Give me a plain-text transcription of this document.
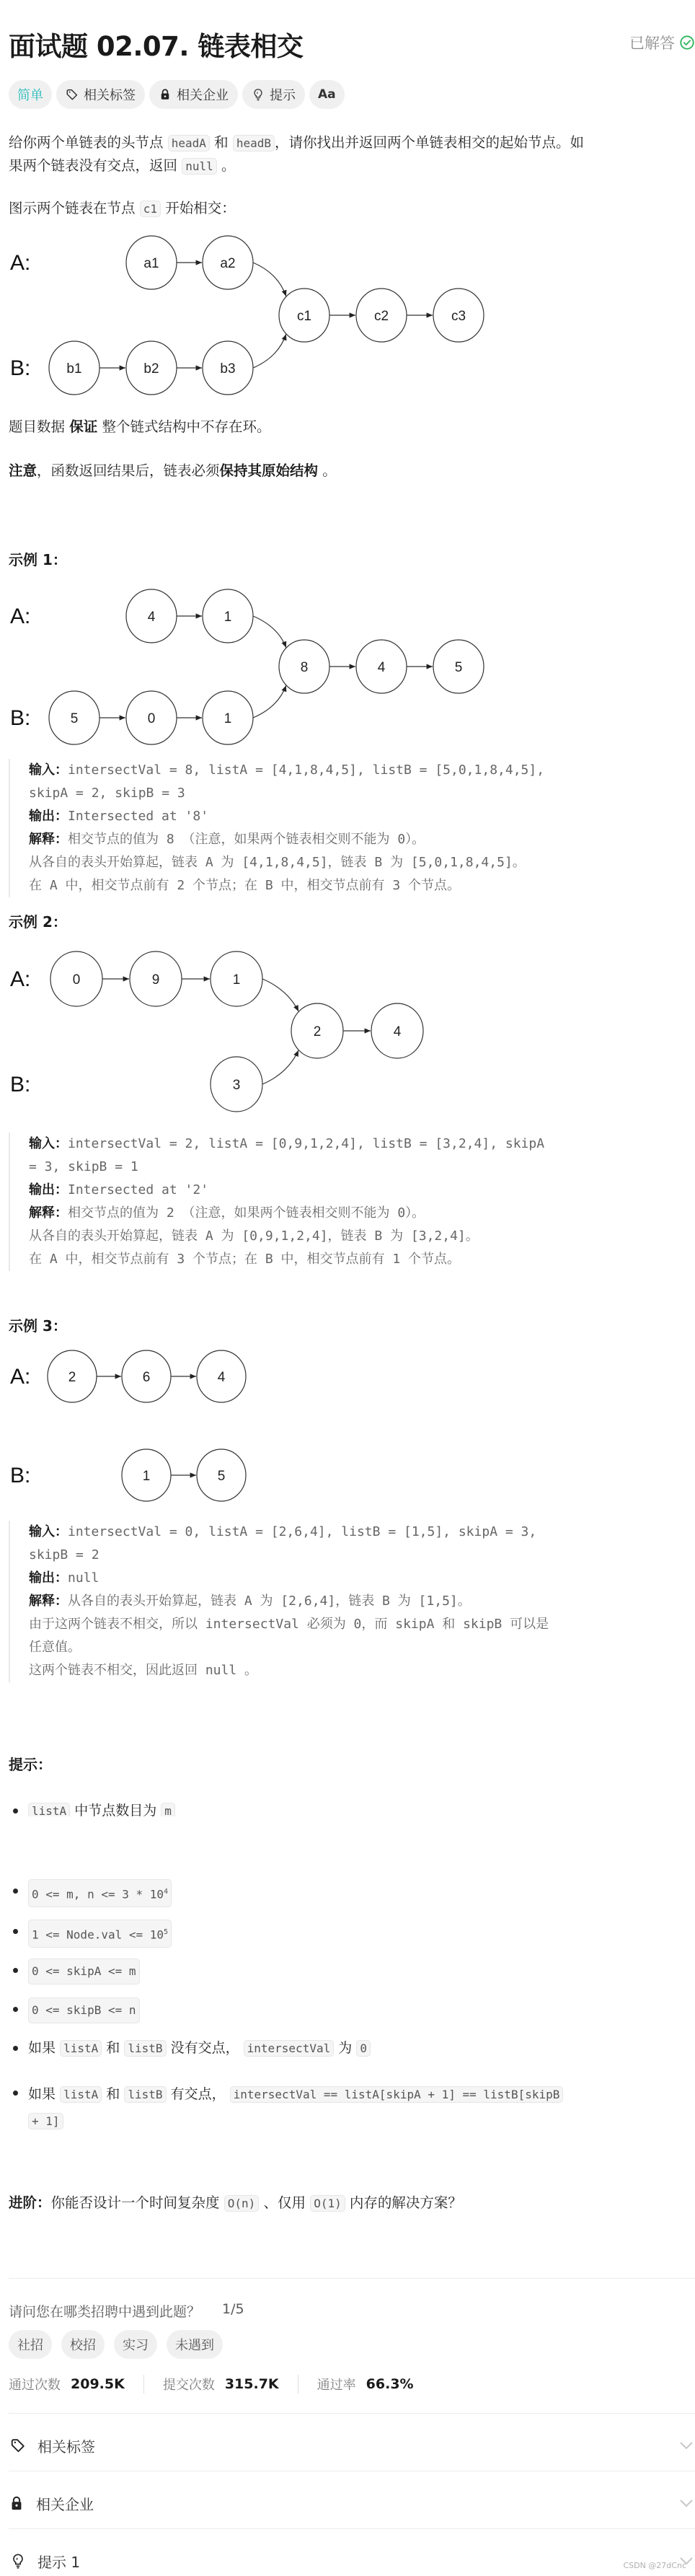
面试题 02.07. 链表相交	已解答
简单	相关标签	相关企业	提示 Aa
给你两个单链表的头节点 headA 和 headB ，请你找出并返回两个单链表相交的起始节点。如
果两个链表没有交点，返回 null 。
图示两个链表在节点 c1 开始相交：
A:
B:
a1	a2
b1	b2	b3
c1	c2	c3
题目数据 保证 整个链式结构中不存在环。
注意，函数返回结果后，链表必须保持其原始结构 。
示例 1：
A:
B:
4	1
5	0	1
8	4	5
输入：intersectVal = 8, listA = [4,1,8,4,5], listB = [5,0,1,8,4,5],
skipA = 2, skipB = 3
输出：Intersected at '8'
解释：相交节点的值为 8 （注意，如果两个链表相交则不能为 0）。
从各自的表头开始算起，链表 A 为 [4,1,8,4,5]，链表 B 为 [5,0,1,8,4,5]。
在 A 中，相交节点前有 2 个节点；在 B 中，相交节点前有 3 个节点。
示例 2：
A:
B:
0	9	1
3
2	4
输入：intersectVal = 2, listA = [0,9,1,2,4], listB = [3,2,4], skipA
= 3, skipB = 1
输出：Intersected at '2'
解释：相交节点的值为 2 （注意，如果两个链表相交则不能为 0）。
从各自的表头开始算起，链表 A 为 [0,9,1,2,4]，链表 B 为 [3,2,4]。
在 A 中，相交节点前有 3 个节点；在 B 中，相交节点前有 1 个节点。
示例 3：
A:
B:
2	6	4
1	5
输入：intersectVal = 0, listA = [2,6,4], listB = [1,5], skipA = 3,
skipB = 2
输出：null
解释：从各自的表头开始算起，链表 A 为 [2,6,4]，链表 B 为 [1,5]。
由于这两个链表不相交，所以 intersectVal 必须为 0，而 skipA 和 skipB 可以是
任意值。
这两个链表不相交，因此返回 null 。
提示：
listA 中节点数目为 m
0 <= m, $n <= 3 * 10^4$
1 <= Node.val <= $10^5$
0 <= skipA <= m
0 <= skipB <= n
如果 listA 和 listB 没有交点， intersectVal 为 0
如果 listA 和 listB 有交点， intersectVal == listA[skipA + 1] == listB[skipB
+ 1]
进阶：你能否设计一个时间复杂度 O(n) 、仅用 O(1) 内存的解决方案？
请问您在哪类招聘中遇到此题？ 1/5
社招	校招	实习	未遇到
通过次数 209.5K	提交次数 315.7K	通过率 66.3%
相关标签
相关企业
提示 1	CSDN @27dCnc
